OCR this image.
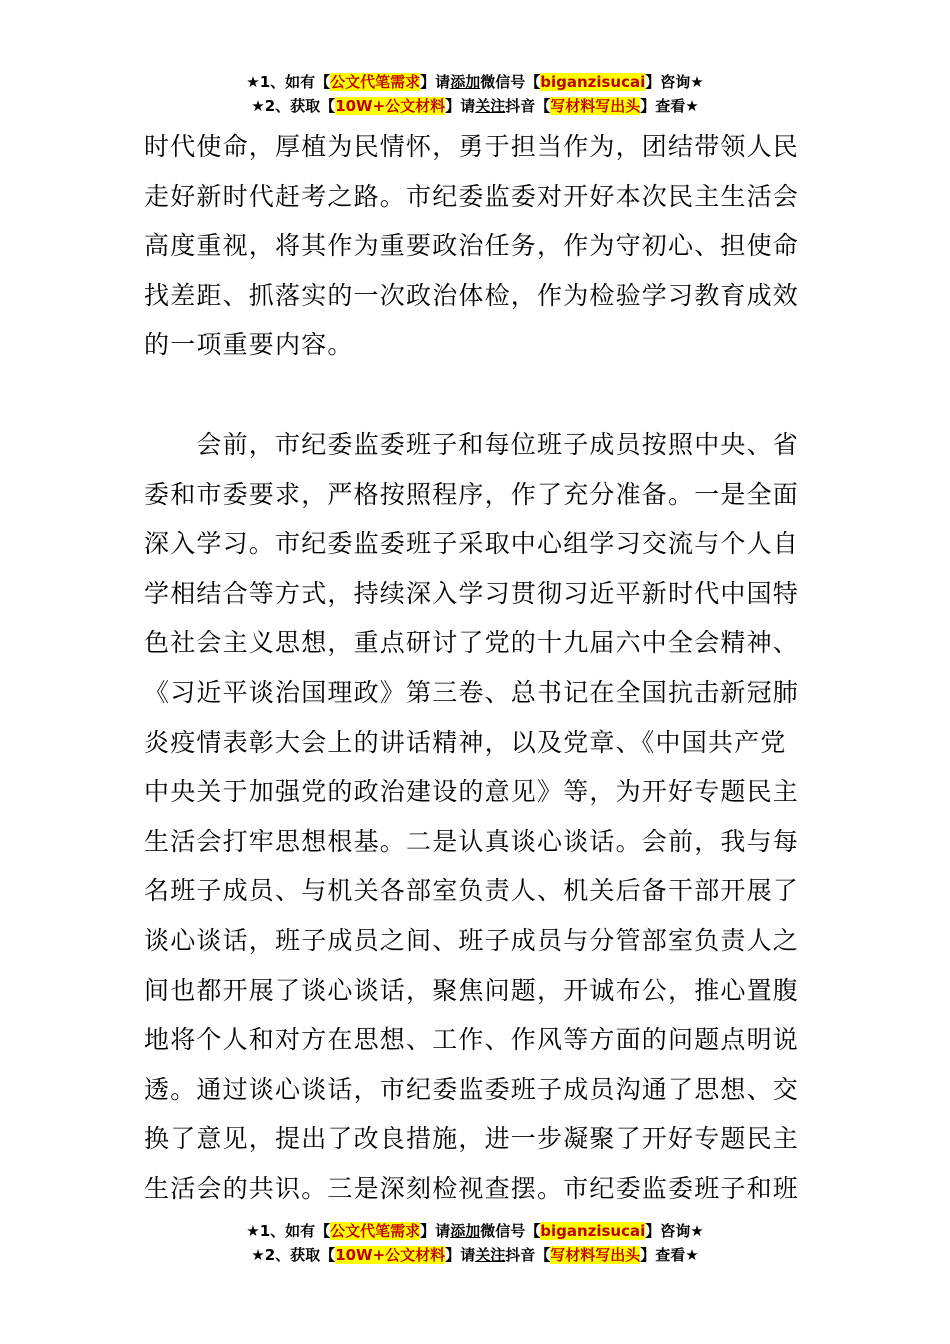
★1、如有【公文代笔需求】请添加微信号【biganzisucai】咨询★
★2、获取【10W+公文材料】请关注抖音【写材料写出头】查看★
时代使命，厚植为民情怀，勇于担当作为，团结带领人民
走好新时代赶考之路。市纪委监委对开好本次民主生活会
高度重视，将其作为重要政治任务，作为守初心、担使命
找差距、抓落实的一次政治体检，作为检验学习教育成效
的一项重要内容。
　　会前，市纪委监委班子和每位班子成员按照中央、省
委和市委要求，严格按照程序，作了充分准备。一是全面
深入学习。市纪委监委班子采取中心组学习交流与个人自
学相结合等方式，持续深入学习贯彻习近平新时代中国特
色社会主义思想，重点研讨了党的十九届六中全会精神、
《习近平谈治国理政》第三卷、总书记在全国抗击新冠肺
炎疫情表彰大会上的讲话精神，以及党章、《中国共产党
中央关于加强党的政治建设的意见》等，为开好专题民主
生活会打牢思想根基。二是认真谈心谈话。会前，我与每
名班子成员、与机关各部室负责人、机关后备干部开展了
谈心谈话，班子成员之间、班子成员与分管部室负责人之
间也都开展了谈心谈话，聚焦问题，开诚布公，推心置腹
地将个人和对方在思想、工作、作风等方面的问题点明说
透。通过谈心谈话，市纪委监委班子成员沟通了思想、交
换了意见，提出了改良措施，进一步凝聚了开好专题民主
生活会的共识。三是深刻检视查摆。市纪委监委班子和班
★1、如有【公文代笔需求】请添加微信号【biganzisucai】咨询★
★2、获取【10W+公文材料】请关注抖音【写材料写出头】查看★
